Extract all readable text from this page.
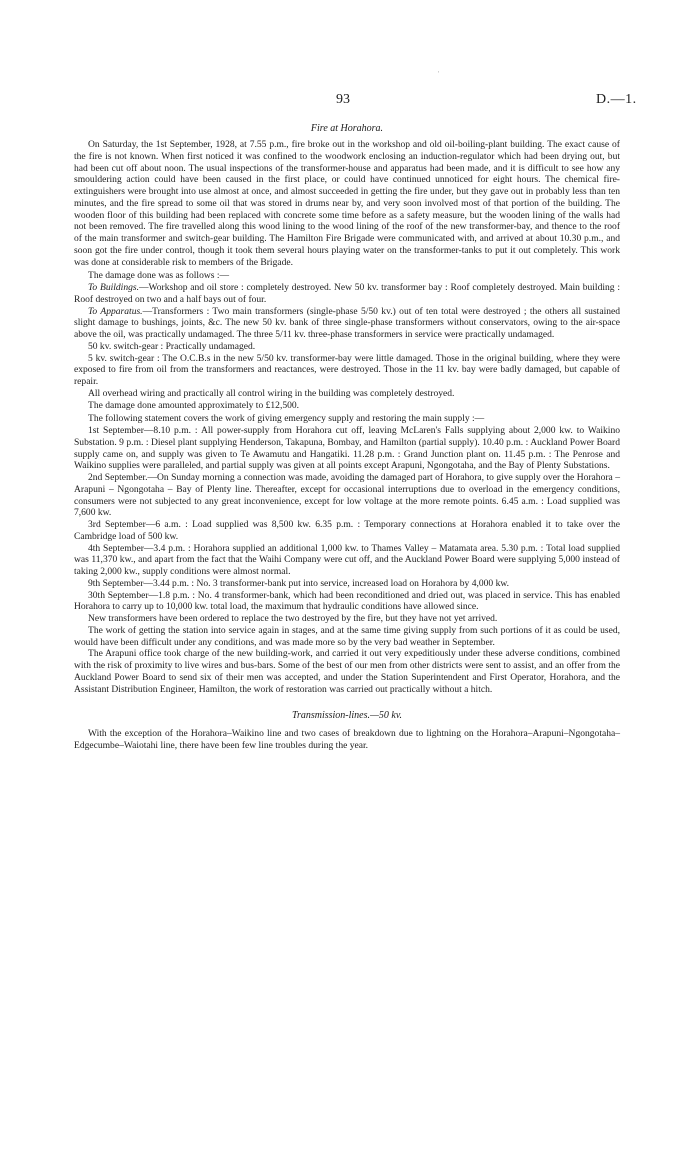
ˈ
93	D.—1.
Fire at Horahora.

On Saturday, the 1st September, 1928, at 7.55 p.m., fire broke out in the workshop and old oil-boiling-plant building. The exact cause of the fire is not known. When first noticed it was confined to the woodwork enclosing an induction-regulator which had been drying out, but had been cut off about noon. The usual inspections of the transformer-house and apparatus had been made, and it is difficult to see how any smouldering action could have been caused in the first place, or could have continued unnoticed for eight hours. The chemical fire-extinguishers were brought into use almost at once, and almost succeeded in getting the fire under, but they gave out in probably less than ten minutes, and the fire spread to some oil that was stored in drums near by, and very soon involved most of that portion of the building. The wooden floor of this building had been replaced with concrete some time before as a safety measure, but the wooden lining of the walls had not been removed. The fire travelled along this wood lining to the wood lining of the roof of the new transformer-bay, and thence to the roof of the main transformer and switch-gear building. The Hamilton Fire Brigade were communicated with, and arrived at about 10.30 p.m., and soon got the fire under control, though it took them several hours playing water on the transformer-tanks to put it out completely. This work was done at considerable risk to members of the Brigade.

The damage done was as follows :—

To Buildings.—Workshop and oil store : completely destroyed. New 50 kv. transformer bay : Roof completely destroyed. Main building : Roof destroyed on two and a half bays out of four.

To Apparatus.—Transformers : Two main transformers (single-phase 5/50 kv.) out of ten total were destroyed ; the others all sustained slight damage to bushings, joints, &c. The new 50 kv. bank of three single-phase transformers without conservators, owing to the air-space above the oil, was practically undamaged. The three 5/11 kv. three-phase transformers in service were practically undamaged.

50 kv. switch-gear : Practically undamaged.

5 kv. switch-gear : The O.C.B.s in the new 5/50 kv. transformer-bay were little damaged. Those in the original building, where they were exposed to fire from oil from the transformers and reactances, were destroyed. Those in the 11 kv. bay were badly damaged, but capable of repair.

All overhead wiring and practically all control wiring in the building was completely destroyed.

The damage done amounted approximately to £12,500.

The following statement covers the work of giving emergency supply and restoring the main supply :—

1st September—8.10 p.m. : All power-supply from Horahora cut off, leaving McLaren's Falls supplying about 2,000 kw. to Waikino Substation. 9 p.m. : Diesel plant supplying Henderson, Takapuna, Bombay, and Hamilton (partial supply). 10.40 p.m. : Auckland Power Board supply came on, and supply was given to Te Awamutu and Hangatiki. 11.28 p.m. : Grand Junction plant on. 11.45 p.m. : The Penrose and Waikino supplies were paralleled, and partial supply was given at all points except Arapuni, Ngongotaha, and the Bay of Plenty Substations.

2nd September.—On Sunday morning a connection was made, avoiding the damaged part of Horahora, to give supply over the Horahora – Arapuni – Ngongotaha – Bay of Plenty line. Thereafter, except for occasional interruptions due to overload in the emergency conditions, consumers were not subjected to any great inconvenience, except for low voltage at the more remote points. 6.45 a.m. : Load supplied was 7,600 kw.

3rd September—6 a.m. : Load supplied was 8,500 kw. 6.35 p.m. : Temporary connections at Horahora enabled it to take over the Cambridge load of 500 kw.

4th September—3.4 p.m. : Horahora supplied an additional 1,000 kw. to Thames Valley – Matamata area. 5.30 p.m. : Total load supplied was 11,370 kw., and apart from the fact that the Waihi Company were cut off, and the Auckland Power Board were supplying 5,000 instead of taking 2,000 kw., supply conditions were almost normal.

9th September—3.44 p.m. : No. 3 transformer-bank put into service, increased load on Horahora by 4,000 kw.

30th September—1.8 p.m. : No. 4 transformer-bank, which had been reconditioned and dried out, was placed in service. This has enabled Horahora to carry up to 10,000 kw. total load, the maximum that hydraulic conditions have allowed since.

New transformers have been ordered to replace the two destroyed by the fire, but they have not yet arrived.

The work of getting the station into service again in stages, and at the same time giving supply from such portions of it as could be used, would have been difficult under any conditions, and was made more so by the very bad weather in September.

The Arapuni office took charge of the new building-work, and carried it out very expeditiously under these adverse conditions, combined with the risk of proximity to live wires and bus-bars. Some of the best of our men from other districts were sent to assist, and an offer from the Auckland Power Board to send six of their men was accepted, and under the Station Superintendent and First Operator, Horahora, and the Assistant Distribution Engineer, Hamilton, the work of restoration was carried out practically without a hitch.

Transmission-lines.—50 kv.

With the exception of the Horahora–Waikino line and two cases of breakdown due to lightning on the Horahora–Arapuni–Ngongotaha–Edgecumbe–Waiotahi line, there have been few line troubles during the year.
